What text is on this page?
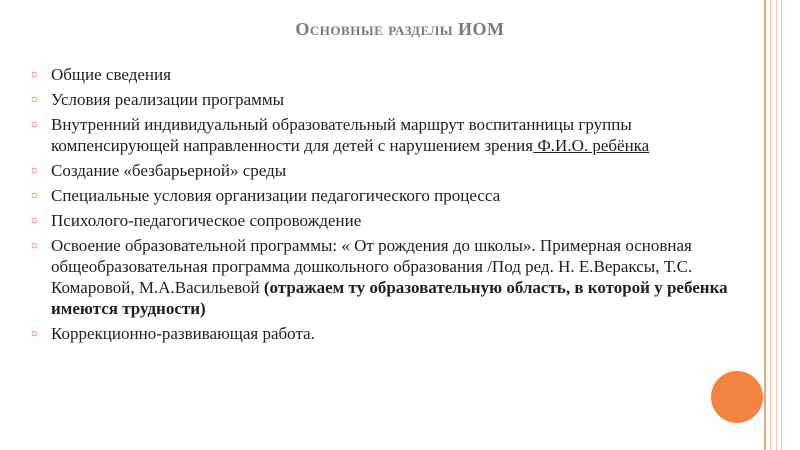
Основные разделы ИОМ
¤ Общие сведения
¤ Условия реализации программы
¤ Внутренний индивидуальный образовательный маршрут воспитанницы группы компенсирующей направленности для детей с нарушением зрения Ф.И.О. ребёнка
¤ Создание «безбарьерной» среды
¤ Специальные условия организации педагогического процесса
¤ Психолого-педагогическое сопровождение
¤ Освоение образовательной программы: « От рождения до школы». Примерная основная общеобразовательная программа дошкольного образования /Под ред. Н. Е.Вераксы, Т.С. Комаровой, М.А.Васильевой (отражаем ту образовательную область, в которой у ребенка имеются трудности)
¤ Коррекционно-развивающая работа.
